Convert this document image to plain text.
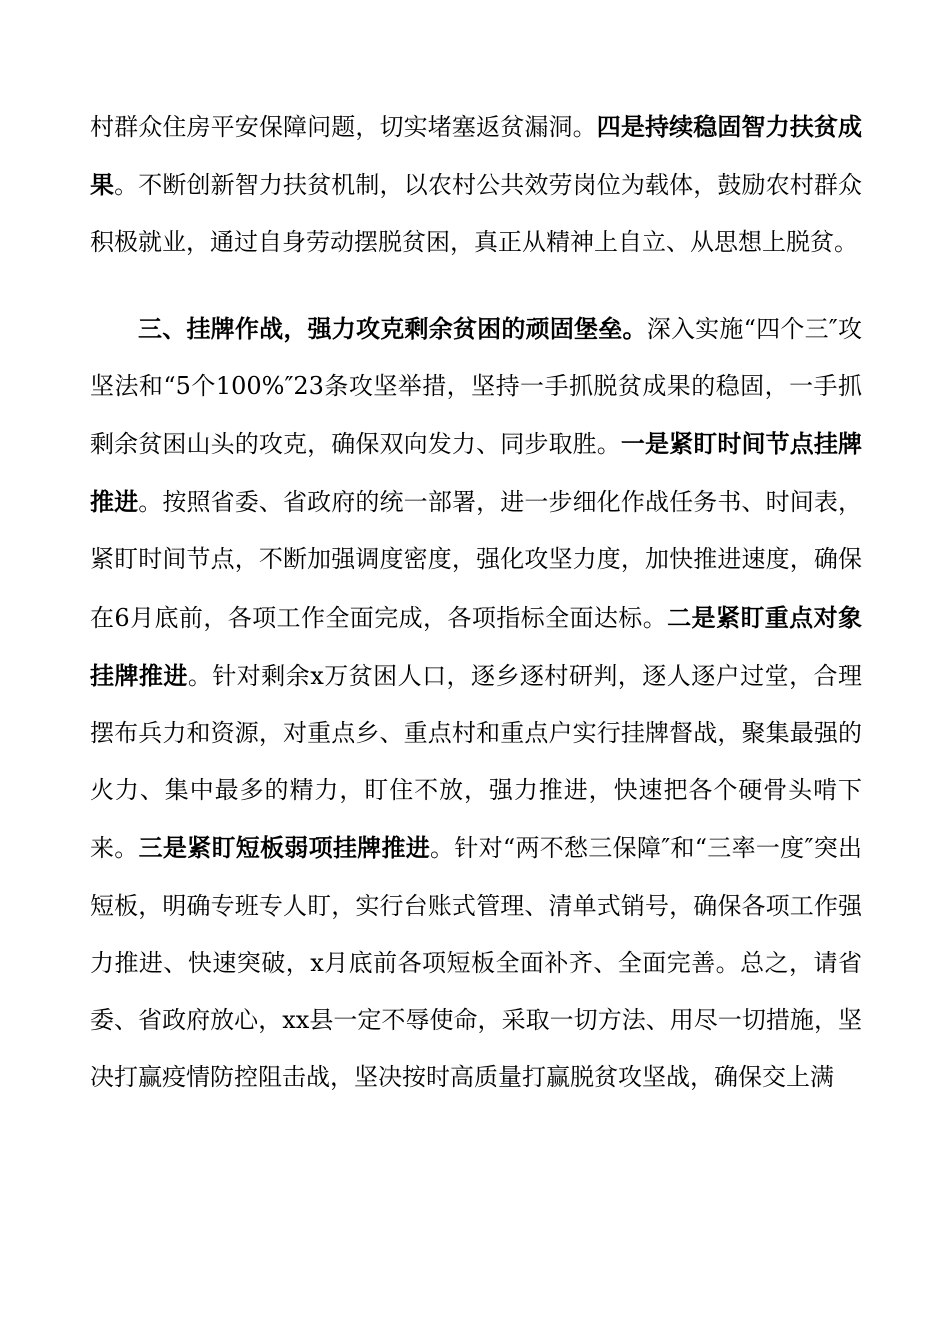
村群众住房平安保障问题，切实堵塞返贫漏洞。四是持续稳固智力扶贫成果。不断创新智力扶贫机制，以农村公共效劳岗位为载体，鼓励农村群众积极就业，通过自身劳动摆脱贫困，真正从精神上自立、从思想上脱贫。

三、挂牌作战，强力攻克剩余贫困的顽固堡垒。深入实施“四个三″攻坚法和“5个100%″23条攻坚举措，坚持一手抓脱贫成果的稳固，一手抓剩余贫困山头的攻克，确保双向发力、同步取胜。一是紧盯时间节点挂牌推进。按照省委、省政府的统一部署，进一步细化作战任务书、时间表，紧盯时间节点，不断加强调度密度，强化攻坚力度，加快推进速度，确保在6月底前，各项工作全面完成，各项指标全面达标。二是紧盯重点对象挂牌推进。针对剩余x万贫困人口，逐乡逐村研判，逐人逐户过堂，合理摆布兵力和资源，对重点乡、重点村和重点户实行挂牌督战，聚集最强的火力、集中最多的精力，盯住不放，强力推进，快速把各个硬骨头啃下来。三是紧盯短板弱项挂牌推进。针对“两不愁三保障″和“三率一度″突出短板，明确专班专人盯，实行台账式管理、清单式销号，确保各项工作强力推进、快速突破，x月底前各项短板全面补齐、全面完善。总之，请省委、省政府放心，xx县一定不辱使命，采取一切方法、用尽一切措施，坚决打赢疫情防控阻击战，坚决按时高质量打赢脱贫攻坚战，确保交上满
